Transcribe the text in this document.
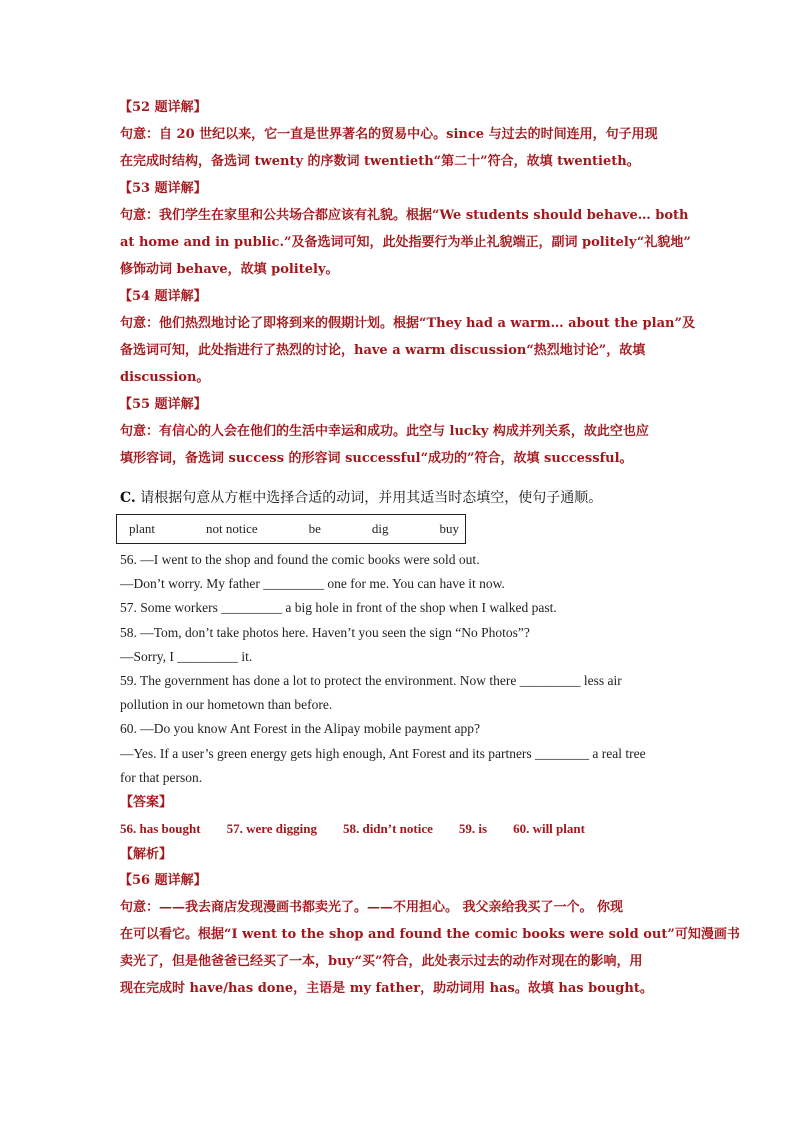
【52 题详解】
句意：自 20 世纪以来，它一直是世界著名的贸易中心。since 与过去的时间连用，句子用现
在完成时结构，备选词 twenty 的序数词 twentieth“第二十”符合，故填 twentieth。
【53 题详解】
句意：我们学生在家里和公共场合都应该有礼貌。根据“We students should behave… both
at home and in public.”及备选词可知，此处指要行为举止礼貌端正，副词 politely“礼貌地”
修饰动词 behave，故填 politely。
【54 题详解】
句意：他们热烈地讨论了即将到来的假期计划。根据“They had a warm… about the plan”及
备选词可知，此处指进行了热烈的讨论，have a warm discussion“热烈地讨论”，故填
discussion。
【55 题详解】
句意：有信心的人会在他们的生活中幸运和成功。此空与 lucky 构成并列关系，故此空也应
填形容词，备选词 success 的形容词 successful“成功的”符合，故填 successful。
C. 请根据句意从方框中选择合适的动词，并用其适当时态填空，使句子通顺。
plant	not notice	be	dig	buy
56. —I went to the shop and found the comic books were sold out.
—Don’t worry. My father _________ one for me. You can have it now.
57. Some workers _________ a big hole in front of the shop when I walked past.
58. —Tom, don’t take photos here. Haven’t you seen the sign “No Photos”?
—Sorry, I _________ it.
59. The government has done a lot to protect the environment. Now there _________ less air
pollution in our hometown than before.
60. —Do you know Ant Forest in the Alipay mobile payment app?
—Yes. If a user’s green energy gets high enough, Ant Forest and its partners ________ a real tree
for that person.
【答案】
56. has bought 57. were digging 58. didn’t notice 59. is 60. will plant
【解析】
【56 题详解】
句意：——我去商店发现漫画书都卖光了。——不用担心。 我父亲给我买了一个。 你现
在可以看它。根据“I went to the shop and found the comic books were sold out”可知漫画书
卖光了，但是他爸爸已经买了一本，buy“买”符合，此处表示过去的动作对现在的影响，用
现在完成时 have/has done，主语是 my father，助动词用 has。故填 has bought。
